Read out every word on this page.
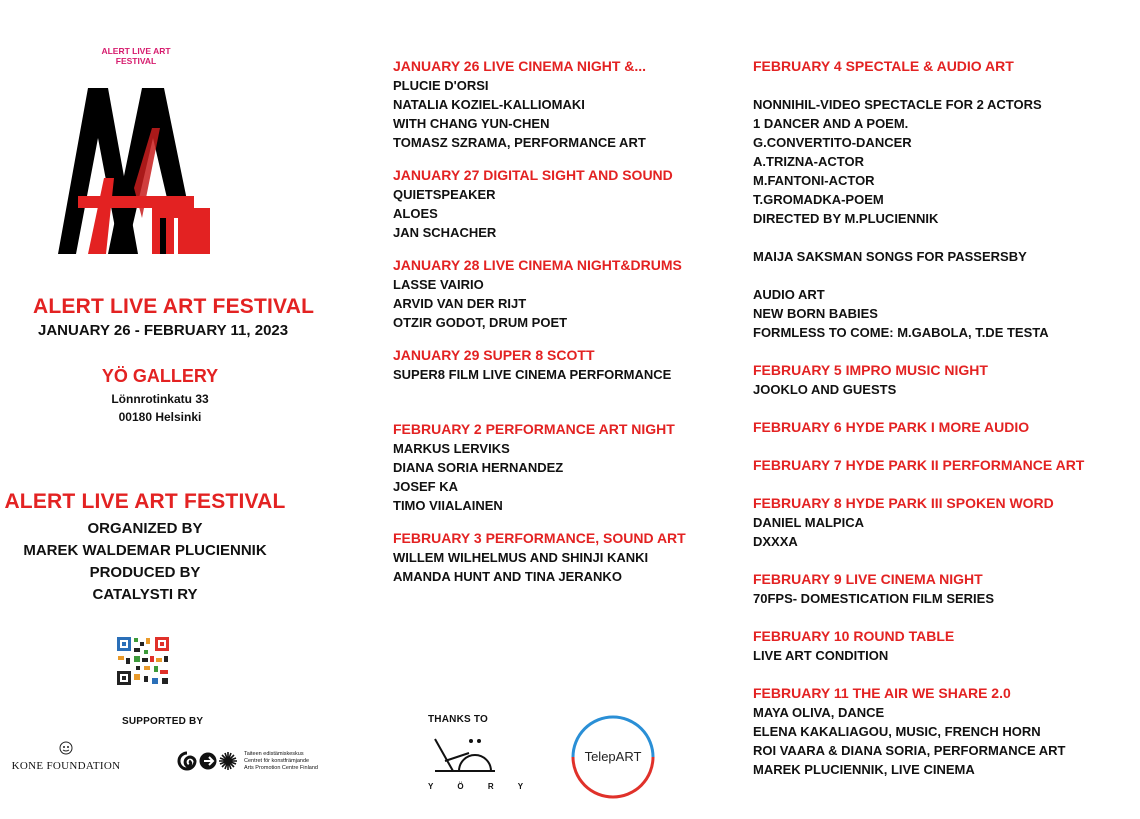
ALERT LIVE ART
FESTIVAL
ALERT LIVE ART FESTIVAL
JANUARY 26 - FEBRUARY 11, 2023
YÖ GALLERY
Lönnrotinkatu 33
00180 Helsinki
ALERT LIVE ART FESTIVAL
ORGANIZED BY
MAREK WALDEMAR PLUCIENNIK
PRODUCED BY
CATALYSTI RY
SUPPORTED BY
KONE FOUNDATION
Taiteen edistämiskeskus
Centret för konstfrämjande
Arts Promotion Centre Finland
THANKS TO
Y Ö R Y
TelepART
JANUARY 26 LIVE CINEMA NIGHT &...
PLUCIE D'ORSI
NATALIA KOZIEL-KALLIOMAKI
WITH CHANG YUN-CHEN
TOMASZ SZRAMA, PERFORMANCE ART
JANUARY 27 DIGITAL SIGHT AND SOUND
QUIETSPEAKER
ALOES
JAN SCHACHER
JANUARY 28 LIVE CINEMA NIGHT&DRUMS
LASSE VAIRIO
ARVID VAN DER RIJT
OTZIR GODOT, DRUM POET
JANUARY 29 SUPER 8 SCOTT
SUPER8 FILM LIVE CINEMA PERFORMANCE
FEBRUARY 2 PERFORMANCE ART NIGHT
MARKUS LERVIKS
DIANA SORIA HERNANDEZ
JOSEF KA
TIMO VIIALAINEN
FEBRUARY 3 PERFORMANCE, SOUND ART
WILLEM WILHELMUS AND SHINJI KANKI
AMANDA HUNT AND TINA JERANKO
FEBRUARY 4 SPECTALE & AUDIO ART
NONNIHIL-VIDEO SPECTACLE FOR 2 ACTORS
1 DANCER AND A POEM.
G.CONVERTITO-DANCER
A.TRIZNA-ACTOR
M.FANTONI-ACTOR
T.GROMADKA-POEM
DIRECTED BY M.PLUCIENNIK
MAIJA SAKSMAN SONGS FOR PASSERSBY
AUDIO ART
NEW BORN BABIES
FORMLESS TO COME: M.GABOLA, T.DE TESTA
FEBRUARY 5 IMPRO MUSIC NIGHT
JOOKLO AND GUESTS
FEBRUARY 6 HYDE PARK I MORE AUDIO
FEBRUARY 7 HYDE PARK II PERFORMANCE ART
FEBRUARY 8 HYDE PARK III SPOKEN WORD
DANIEL MALPICA
DXXXA
FEBRUARY 9 LIVE CINEMA NIGHT
70FPS- DOMESTICATION FILM SERIES
FEBRUARY 10 ROUND TABLE
LIVE ART CONDITION
FEBRUARY 11 THE AIR WE SHARE 2.0
MAYA OLIVA, DANCE
ELENA KAKALIAGOU, MUSIC, FRENCH HORN
ROI VAARA & DIANA SORIA, PERFORMANCE ART
MAREK PLUCIENNIK, LIVE CINEMA
